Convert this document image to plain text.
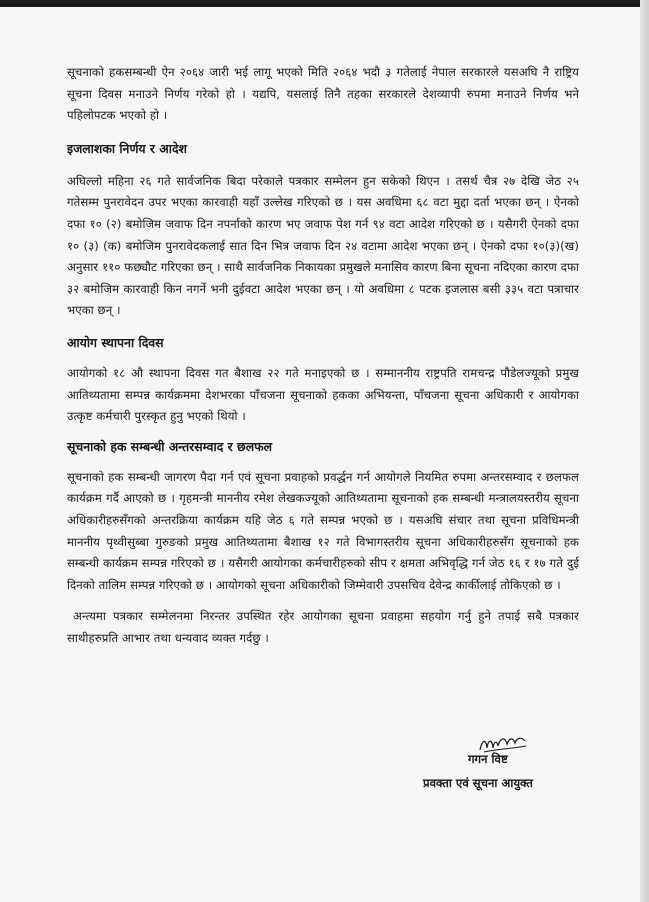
सूचनाको हकसम्बन्धी ऐन २०६४ जारी भई लागू भएको मिति २०६४ भदौ ३ गतेलाई नेपाल सरकारले यसअघि नै राष्ट्रिय सूचना दिवस मनाउने निर्णय गरेको हो । यद्यपि, यसलाई तिनै तहका सरकारले देशव्यापी रुपमा मनाउने निर्णय भने पहिलोपटक भएको हो ।

इजलाशका निर्णय र आदेश

अघिल्लो महिना २६ गते सार्वजनिक बिदा परेकाले पत्रकार सम्मेलन हुन सकेको थिएन । तसर्थ चैत्र २७ देखि जेठ २५ गतेसम्म पुनरावेदन उपर भएका कारवाही यहाँ उल्लेख गरिएको छ । यस अवधिमा ६८ वटा मुद्दा दर्ता भएका छन् । ऐनको दफा १० (२) बमोजिम जवाफ दिन नपर्नाको कारण भए जवाफ पेश गर्न ९४ वटा आदेश गरिएको छ । यसैगरी ऐनको दफा १० (३) (क) बमोजिम पुनरावेदकलाई सात दिन भित्र जवाफ दिन २४ वटामा आदेश भएका छन् । ऐनको दफा १०(३)(ख) अनुसार ११० फछ्यौट गरिएका छन् । साथै सार्वजनिक निकायका प्रमुखले मनासिव कारण बिना सूचना नदिएका कारण दफा ३२ बमोजिम कारवाही किन नगर्ने भनी दुईवटा आदेश भएका छन् । यो अवधिमा ८ पटक इजलास बसी ३३५ वटा पत्राचार भएका छन् ।

आयोग स्थापना दिवस

आयोगको १८ औ स्थापना दिवस गत बैशाख २२ गते मनाइएको छ । सम्माननीय राष्ट्रपति रामचन्द्र पौडेलज्यूको प्रमुख आतिथ्यतामा सम्पन्न कार्यक्रममा देशभरका पाँचजना सूचनाको हकका अभियन्ता, पाँचजना सूचना अधिकारी र आयोगका उत्कृष्ट कर्मचारी पुरस्कृत हुनु भएको थियो ।

सूचनाको हक सम्बन्धी अन्तरसम्वाद र छलफल

सूचनाको हक सम्बन्धी जागरण पैदा गर्न एवं सूचना प्रवाहको प्रवर्द्धन गर्न आयोगले नियमित रुपमा अन्तरसम्वाद र छलफल कार्यक्रम गर्दै आएको छ । गृहमन्त्री माननीय रमेश लेखकज्यूको आतिथ्यतामा सूचनाको हक सम्बन्धी मन्त्रालयस्तरीय सूचना अधिकारीहरुसँगको अन्तरक्रिया कार्यक्रम यहि जेठ ६ गते सम्पन्न भएको छ । यसअघि संचार तथा सूचना प्रविधिमन्त्री माननीय पृथ्वीसुब्बा गुरुङको प्रमुख आतिथ्यतामा बैशाख १२ गते विभागस्तरीय सूचना अधिकारीहरुसँग सूचनाको हक सम्बन्धी कार्यक्रम सम्पन्न गरिएको छ । यसैगरी आयोगका कर्मचारीहरुको सीप र क्षमता अभिवृद्धि गर्न जेठ १६ र १७ गते दुई दिनको तालिम सम्पन्न गरिएको छ । आयोगको सूचना अधिकारीको जिम्मेवारी उपसचिव देवेन्द्र कार्कीलाई तोकिएको छ ।

अन्त्यमा पत्रकार सम्मेलनमा निरन्तर उपस्थित रहेर आयोगका सूचना प्रवाहमा सहयोग गर्नु हुने तपाई सबै पत्रकार साथीहरुप्रति आभार तथा धन्यवाद व्यक्त गर्दछु ।

गगन विष्ट
प्रवक्ता एवं सूचना आयुक्त
